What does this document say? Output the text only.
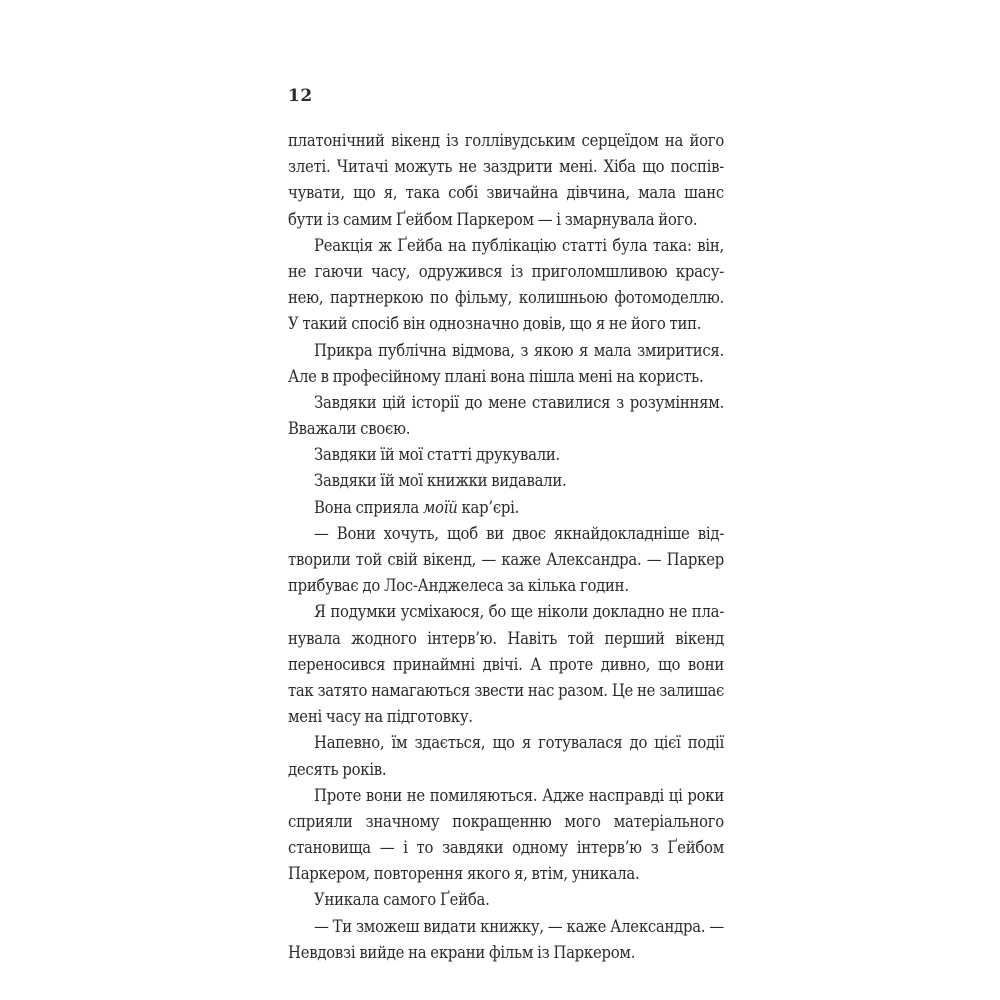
12
платонічний вікенд із голлівудським серцеїдом на його
злеті. Читачі можуть не заздрити мені. Хіба що поспів-
чувати, що я, така собі звичайна дівчина, мала шанс
бути із самим Ґейбом Паркером — і змарнувала його.
Реакція ж Ґейба на публікацію статті була така: він,
не гаючи часу, одружився із приголомшливою красу-
нею, партнеркою по фільму, колишньою фотомоделлю.
У такий спосіб він однозначно довів, що я не його тип.
Прикра публічна відмова, з якою я мала змиритися.
Але в професійному плані вона пішла мені на користь.
Завдяки цій історії до мене ставилися з розумінням.
Вважали своєю.
Завдяки їй мої статті друкували.
Завдяки їй мої книжки видавали.
Вона сприяла моїй кар’єрі.
— Вони хочуть, щоб ви двоє якнайдокладніше від-
творили той свій вікенд, — каже Александра. — Паркер
прибуває до Лос-Анджелеса за кілька годин.
Я подумки усміхаюся, бо ще ніколи докладно не пла-
нувала жодного інтерв’ю. Навіть той перший вікенд
переносився принаймні двічі. А проте дивно, що вони
так затято намагаються звести нас разом. Це не залишає
мені часу на підготовку.
Напевно, їм здається, що я готувалася до цієї події
десять років.
Проте вони не помиляються. Адже насправді ці роки
сприяли значному покращенню мого матеріального
становища — і то завдяки одному інтерв’ю з Ґейбом
Паркером, повторення якого я, втім, уникала.
Уникала самого Ґейба.
— Ти зможеш видати книжку, — каже Александра. —
Невдовзі вийде на екрани фільм із Паркером.
